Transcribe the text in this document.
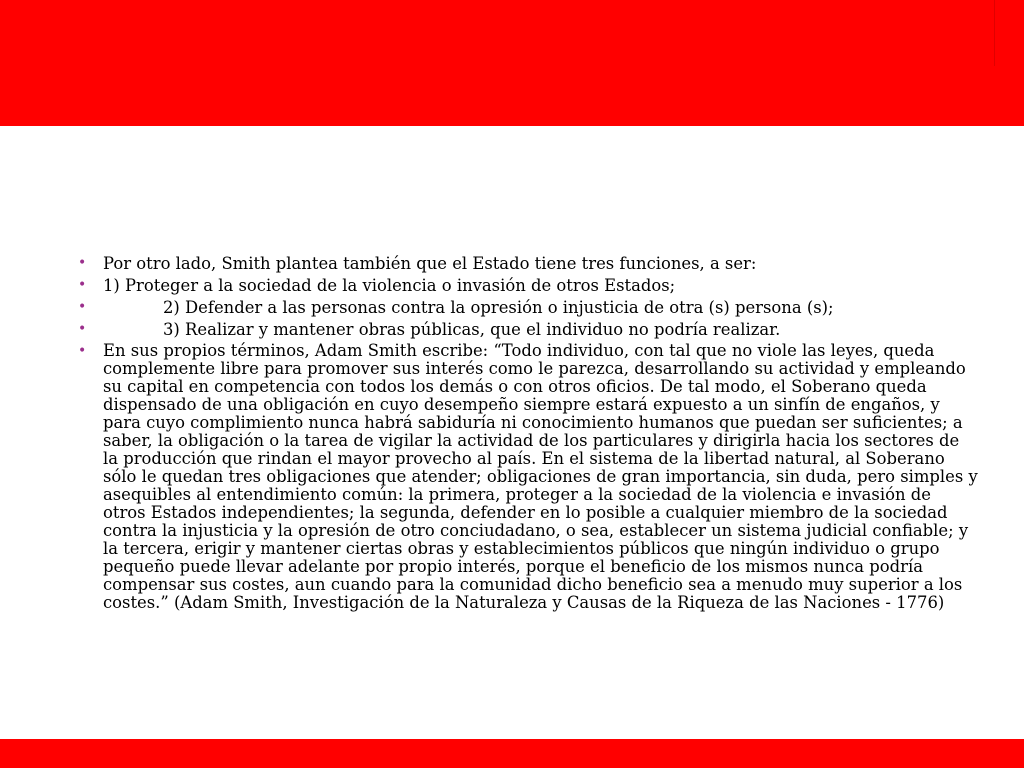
• Por otro lado, Smith plantea también que el Estado tiene tres funciones, a ser:
• 1) Proteger a la sociedad de la violencia o invasión de otros Estados;
•	2) Defender a las personas contra la opresión o injusticia de otra (s) persona (s);
•	3) Realizar y mantener obras públicas, que el individuo no podría realizar.
• En sus propios términos, Adam Smith escribe: “Todo individuo, con tal que no viole las leyes, queda complemente libre para promover sus interés como le parezca, desarrollando su actividad y empleando su capital en competencia con todos los demás o con otros oficios. De tal modo, el Soberano queda dispensado de una obligación en cuyo desempeño siempre estará expuesto a un sinfín de engaños, y para cuyo complimiento nunca habrá sabiduría ni conocimiento humanos que puedan ser suficientes; a saber, la obligación o la tarea de vigilar la actividad de los particulares y dirigirla hacia los sectores de la producción que rindan el mayor provecho al país. En el sistema de la libertad natural, al Soberano sólo le quedan tres obligaciones que atender; obligaciones de gran importancia, sin duda, pero simples y asequibles al entendimiento común: la primera, proteger a la sociedad de la violencia e invasión de otros Estados independientes; la segunda, defender en lo posible a cualquier miembro de la sociedad contra la injusticia y la opresión de otro conciudadano, o sea, establecer un sistema judicial confiable; y la tercera, erigir y mantener ciertas obras y establecimientos públicos que ningún individuo o grupo pequeño puede llevar adelante por propio interés, porque el beneficio de los mismos nunca podría compensar sus costes, aun cuando para la comunidad dicho beneficio sea a menudo muy superior a los costes.” (Adam Smith, Investigación de la Naturaleza y Causas de la Riqueza de las Naciones - 1776)
